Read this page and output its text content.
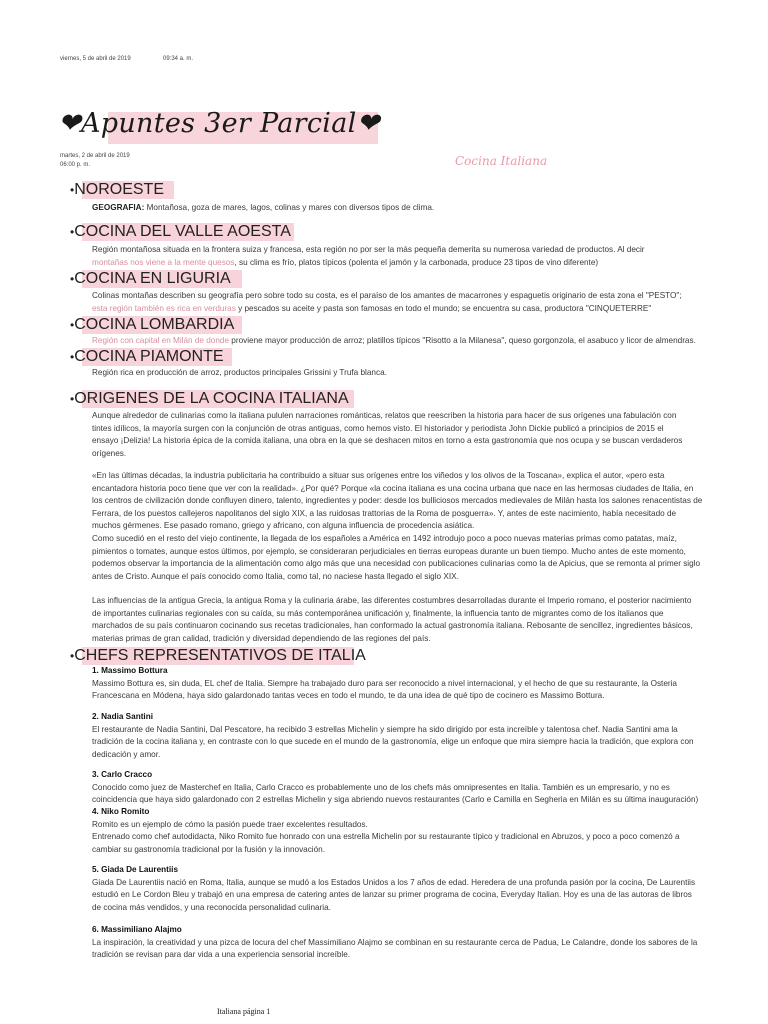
viernes, 5 de abril de 2019	09:34 a. m.
❤Apuntes 3er Parcial❤
martes, 2 de abril de 2019
06:00 p. m.	Cocina Italiana
•NOROESTE
GEOGRAFIA: Montañosa, goza de mares, lagos, colinas y mares con diversos tipos de clima.
•COCINA DEL VALLE AOESTA
Región montañosa situada en la frontera suiza y francesa, esta región no por ser la más pequeña demerita su numerosa variedad de productos. Al decir
montañas nos viene a la mente quesos, su clima es frío, platos típicos (polenta el jamón y la carbonada, produce 23 tipos de vino diferente)
•COCINA EN LIGURIA
Colinas montañas describen su geografía pero sobre todo su costa, es el paraíso de los amantes de macarrones y espaguetis originario de esta zona el "PESTO";
esta región también es rica en verduras y pescados su aceite y pasta son famosas en todo el mundo; se encuentra su casa, productora "CINQUETERRE"
•COCINA LOMBARDIA
Región con capital en Milán de donde proviene mayor producción de arroz; platillos típicos "Risotto a la Milanesa", queso gorgonzola, el asabuco y licor de almendras.
•COCINA PIAMONTE
Región rica en producción de arroz, productos principales Grissini y Trufa blanca.
•ORIGENES DE LA COCINA ITALIANA
Aunque alrededor de culinarias como la italiana pululen narraciones románticas, relatos que reescriben la historia para hacer de sus orígenes una fabulación con
tintes idílicos, la mayoría surgen con la conjunción de otras antiguas, como hemos visto. El historiador y periodista John Dickie publicó a principios de 2015 el
ensayo ¡Delizia! La historia épica de la comida italiana, una obra en la que se deshacen mitos en torno a esta gastronomía que nos ocupa y se buscan verdaderos
orígenes.
«En las últimas décadas, la industria publicitaria ha contribuido a situar sus orígenes entre los viñedos y los olivos de la Toscana», explica el autor, «pero esta
encantadora historia poco tiene que ver con la realidad». ¿Por qué? Porque «la cocina italiana es una cocina urbana que nace en las hermosas ciudades de Italia, en
los centros de civilización donde confluyen dinero, talento, ingredientes y poder: desde los bulliciosos mercados medievales de Milán hasta los salones renacentistas de
Ferrara, de los puestos callejeros napolitanos del siglo XIX, a las ruidosas trattorias de la Roma de posguerra». Y, antes de este nacimiento, había necesitado de
muchos gérmenes. Ese pasado romano, griego y africano, con alguna influencia de procedencia asiática.
Como sucedió en el resto del viejo continente, la llegada de los españoles a América en 1492 introdujo poco a poco nuevas materias primas como patatas, maíz,
pimientos o tomates, aunque estos últimos, por ejemplo, se consideraran perjudiciales en tierras europeas durante un buen tiempo. Mucho antes de este momento,
podemos observar la importancia de la alimentación como algo más que una necesidad con publicaciones culinarias como la de Apicius, que se remonta al primer siglo
antes de Cristo. Aunque el país conocido como Italia, como tal, no naciese hasta llegado el siglo XIX.
Las influencias de la antigua Grecia, la antigua Roma y la culinaria árabe, las diferentes costumbres desarrolladas durante el Imperio romano, el posterior nacimiento
de importantes culinarias regionales con su caída, su más contemporánea unificación y, finalmente, la influencia tanto de migrantes como de los italianos que
marchados de su país continuaron cocinando sus recetas tradicionales, han conformado la actual gastronomía italiana. Rebosante de sencillez, ingredientes básicos,
materias primas de gran calidad, tradición y diversidad dependiendo de las regiones del país.
•CHEFS REPRESENTATIVOS DE ITALIA
1. Massimo Bottura
Massimo Bottura es, sin duda, EL chef de Italia. Siempre ha trabajado duro para ser reconocido a nivel internacional, y el hecho de que su restaurante, la Osteria
Francescana en Módena, haya sido galardonado tantas veces en todo el mundo, te da una idea de qué tipo de cocinero es Massimo Bottura.
2. Nadia Santini
El restaurante de Nadia Santini, Dal Pescatore, ha recibido 3 estrellas Michelin y siempre ha sido dirigido por esta increíble y talentosa chef. Nadia Santini ama la
tradición de la cocina italiana y, en contraste con lo que sucede en el mundo de la gastronomía, elige un enfoque que mira siempre hacia la tradición, que explora con
dedicación y amor.
3. Carlo Cracco
Conocido como juez de Masterchef en Italia, Carlo Cracco es probablemente uno de los chefs más omnipresentes en Italia. También es un empresario, y no es
coincidencia que haya sido galardonado con 2 estrellas Michelin y siga abriendo nuevos restaurantes (Carlo e Camilla en Segheria en Milán es su última inauguración)
4. Niko Romito
Romito es un ejemplo de cómo la pasión puede traer excelentes resultados.
Entrenado como chef autodidacta, Niko Romito fue honrado con una estrella Michelin por su restaurante típico y tradicional en Abruzos, y poco a poco comenzó a
cambiar su gastronomía tradicional por la fusión y la innovación.
5. Giada De Laurentiis
Giada De Laurentiis nació en Roma, Italia, aunque se mudó a los Estados Unidos a los 7 años de edad. Heredera de una profunda pasión por la cocina, De Laurentiis
estudió en Le Cordon Bleu y trabajó en una empresa de catering antes de lanzar su primer programa de cocina, Everyday Italian. Hoy es una de las autoras de libros
de cocina más vendidos, y una reconocida personalidad culinaria.
6. Massimiliano Alajmo
La inspiración, la creatividad y una pizca de locura del chef Massimiliano Alajmo se combinan en su restaurante cerca de Padua, Le Calandre, donde los sabores de la
tradición se revisan para dar vida a una experiencia sensorial increíble.
Italiana página 1
